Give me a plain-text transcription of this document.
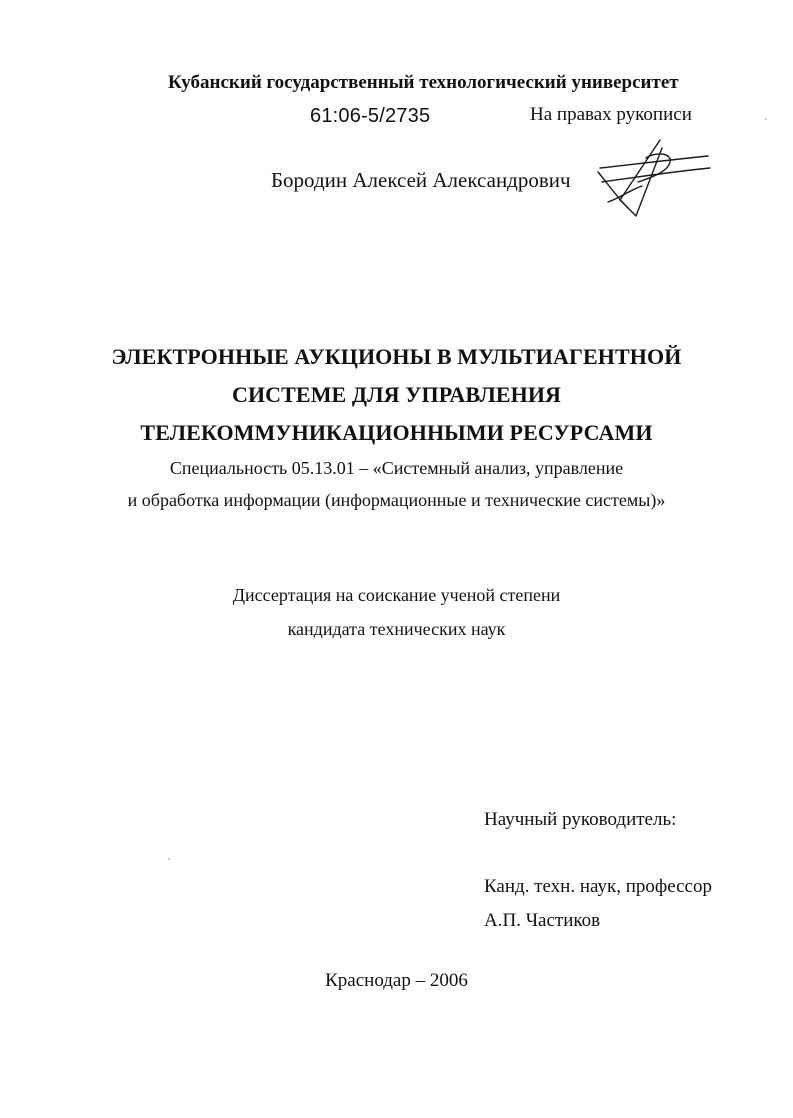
Кубанский государственный технологический университет

61:06-5/2735	На правах рукописи

Бородин Алексей Александрович

ЭЛЕКТРОННЫЕ АУКЦИОНЫ В МУЛЬТИАГЕНТНОЙ

СИСТЕМЕ ДЛЯ УПРАВЛЕНИЯ

ТЕЛЕКОММУНИКАЦИОННЫМИ РЕСУРСАМИ

Специальность 05.13.01 – «Системный анализ, управление

и обработка информации (информационные и технические системы)»

Диссертация на соискание ученой степени

кандидата технических наук

Научный руководитель:

Канд. техн. наук, профессор

А.П. Частиков

Краснодар – 2006
